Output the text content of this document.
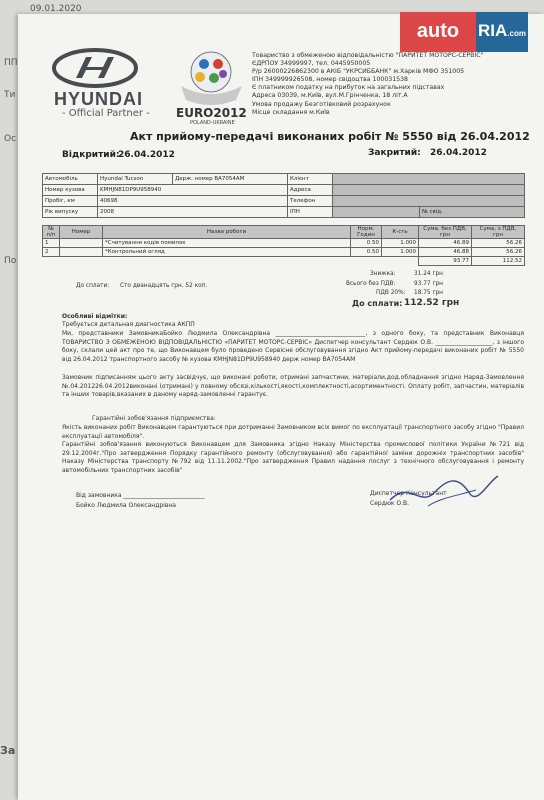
09.01.2020
ПП
Ти
Ос
По
За
HYUNDAI
- Official Partner - EURO2012
POLAND-UKRAINE
Товариство з обмеженою відповідальністю "ПАРИТЕТ МОТОРС-СЕРВІС"
ЄДРПОУ 34999997, тел. 0445950005
Р/р 26000226862300 в АКІБ "УКРСИББАНК" м.Харків МФО 351005
ІПН 349999926508, номер свідоцтва 100031538
Є платником податку на прибуток на загальних підставах
Адреса 03039, м.Київ, вул.М.Грінченка, 18 літ.А
Умова продажу Безготівковий розрахунок
Місце складання м.Київ
auto	RIA.com
Акт прийому-передачі виконаних робіт № 5550 від 26.04.2012
Відкритий:
26.04.2012	Закритий: 26.04.2012
Автомобіль	Hyundai Tucson	Держ. номер ВА7054АМ	Клієнт		
Номер кузова	KMHJN81DP9U958940		Адреса		
Пробіг, км	40698		Телефон		
Рік випуску	2008		ІПН		№ свід.
№ п/п	Номер	Назва роботи	Норм. Годин	К-сть	Сума, без ПДВ, грн	Сума, з ПДВ, грн
1		*Считування кодів помилок	0.50	1.000	46.89	56.26
2		*Контрольний огляд	0.50	1.000	46.88	56.26
					93.77	112.52
Знижка:	31.24 грн
Всього без ПДВ:	93.77 грн
ПДВ 20%: 18.75 грн
До сплати: 112.52 грн
До сплати: Сто дванадцять грн. 52 коп.
Особливі відмітки:
Требується детальная диагностика АКПП
Ми, представники ЗамовникаБойко Людмила Олександрівна ______________________________, з одного боку, та представник Виконавця ТОВАРИСТВО З ОБМЕЖЕНОЮ ВІДПОВІДАЛЬНІСТЮ «ПАРИТЕТ МОТОРС-СЕРВІС» Диспетчер консультант Сердюк О.В. ___________________, з іншого боку, склали цей акт про те, що Виконавцем було проведено Сервісне обслуговування згідно Акт прийому-передачі виконаних робіт № 5550 від 26.04.2012 транспортного засобу № кузова KMHJN81DP9U958940 держ номер ВА7054АМ
Замовник підписанням цього акту засвідчує, що виконані роботи, отримані запчастини, матеріали,дод.обладнання згідно Наряд-Замовлення №.04.201226.04.2012виконані (отримані) у повному обсязі,кількості,якості,комплектності,асортиментності. Оплату робіт, запчастин, матеріалів та інших товарів,вказаних в даному наряд-замовленні гарантує.
Гарантійні зобов'язання підприємства:
Якість виконаних робіт Виконавцем гарантуються при дотриманні Замовником всіх вимог по експлуатації транспортного засобу згідно "Правил експлуатації автомобіля".
Гарантійні зобов'язання виконуються Виконавцем для Замовника згідно Наказу Міністерства промислової політики України №721 від 29.12.2004г."Про затвердження Порядку гарантійного ремонту (обслуговування) або гарантійної заміни дорожніх транспортних засобів" Наказу Міністерства транспорту №792 від 11.11.2002."Про затвердження Правил надання послуг з технічного обслуговування і ремонту автомобільних транспортних засобів"
Від замовника ___________________________
Бойко Людмила Олександрівна
Диспетчер Консультант
Сердюк О.В.
